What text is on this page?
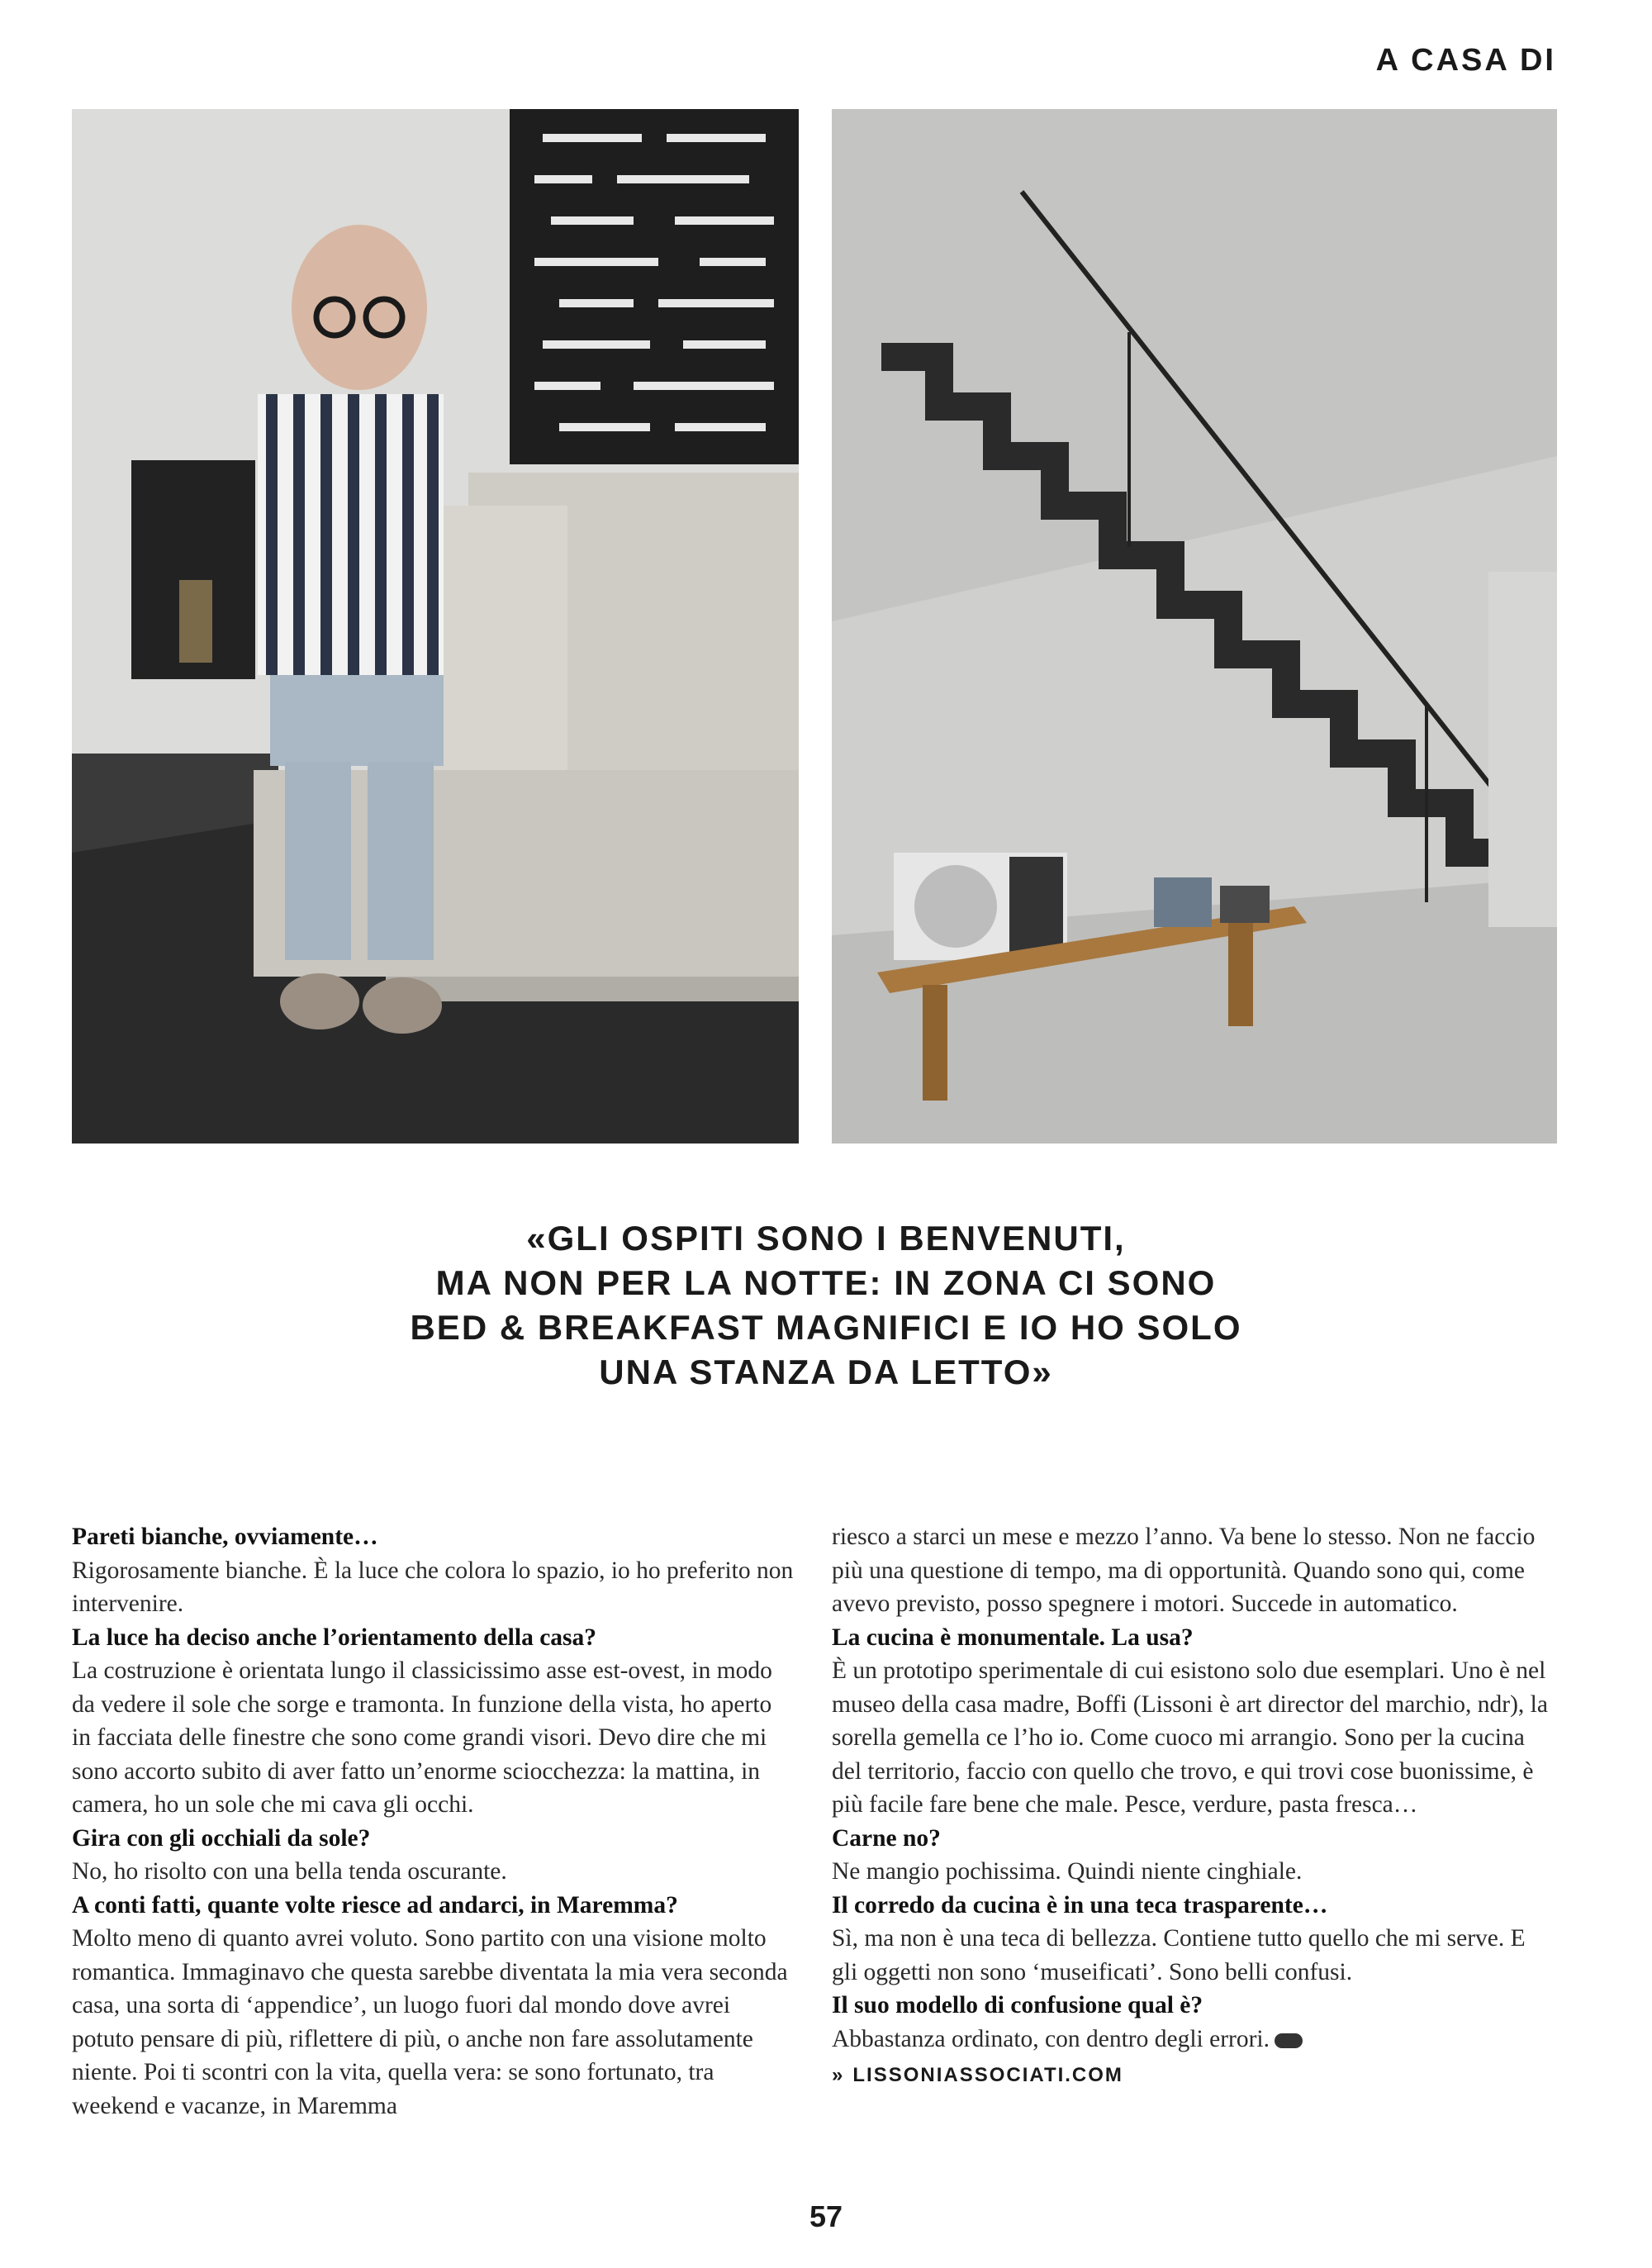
A CASA DI
«GLI OSPITI SONO I BENVENUTI,
MA NON PER LA NOTTE: IN ZONA CI SONO
BED & BREAKFAST MAGNIFICI E IO HO SOLO
UNA STANZA DA LETTO»

Pareti bianche, ovviamente…

Rigorosamente bianche. È la luce che colora lo spazio, io ho preferito non intervenire.

La luce ha deciso anche l’orientamento della casa?

La costruzione è orientata lungo il classicissimo asse est-ovest, in modo da vedere il sole che sorge e tramonta. In funzione della vista, ho aperto in facciata delle finestre che sono come grandi visori. Devo dire che mi sono accorto subito di aver fatto un’enorme sciocchezza: la mattina, in camera, ho un sole che mi cava gli occhi.

Gira con gli occhiali da sole?

No, ho risolto con una bella tenda oscurante.

A conti fatti, quante volte riesce ad andarci, in Maremma?

Molto meno di quanto avrei voluto. Sono partito con una visione molto romantica. Immaginavo che questa sarebbe diventata la mia vera seconda casa, una sorta di ‘appendice’, un luogo fuori dal mondo dove avrei potuto pensare di più, riflettere di più, o anche non fare assolutamente niente. Poi ti scontri con la vita, quella vera: se sono fortunato, tra weekend e vacanze, in Maremma

riesco a starci un mese e mezzo l’anno. Va bene lo stesso. Non ne faccio più una questione di tempo, ma di opportunità. Quando sono qui, come avevo previsto, posso spegnere i motori. Succede in automatico.

La cucina è monumentale. La usa?

È un prototipo sperimentale di cui esistono solo due esemplari. Uno è nel museo della casa madre, Boffi (Lissoni è art director del marchio, ndr), la sorella gemella ce l’ho io. Come cuoco mi arrangio. Sono per la cucina del territorio, faccio con quello che trovo, e qui trovi cose buonissime, è più facile fare bene che male. Pesce, verdure, pasta fresca…

Carne no?

Ne mangio pochissima. Quindi niente cinghiale.

Il corredo da cucina è in una teca trasparente…

Sì, ma non è una teca di bellezza. Contiene tutto quello che mi serve. E gli oggetti non sono ‘museificati’. Sono belli confusi.

Il suo modello di confusione qual è?

Abbastanza ordinato, con dentro degli errori.

» LISSONIASSOCIATI.COM
57
